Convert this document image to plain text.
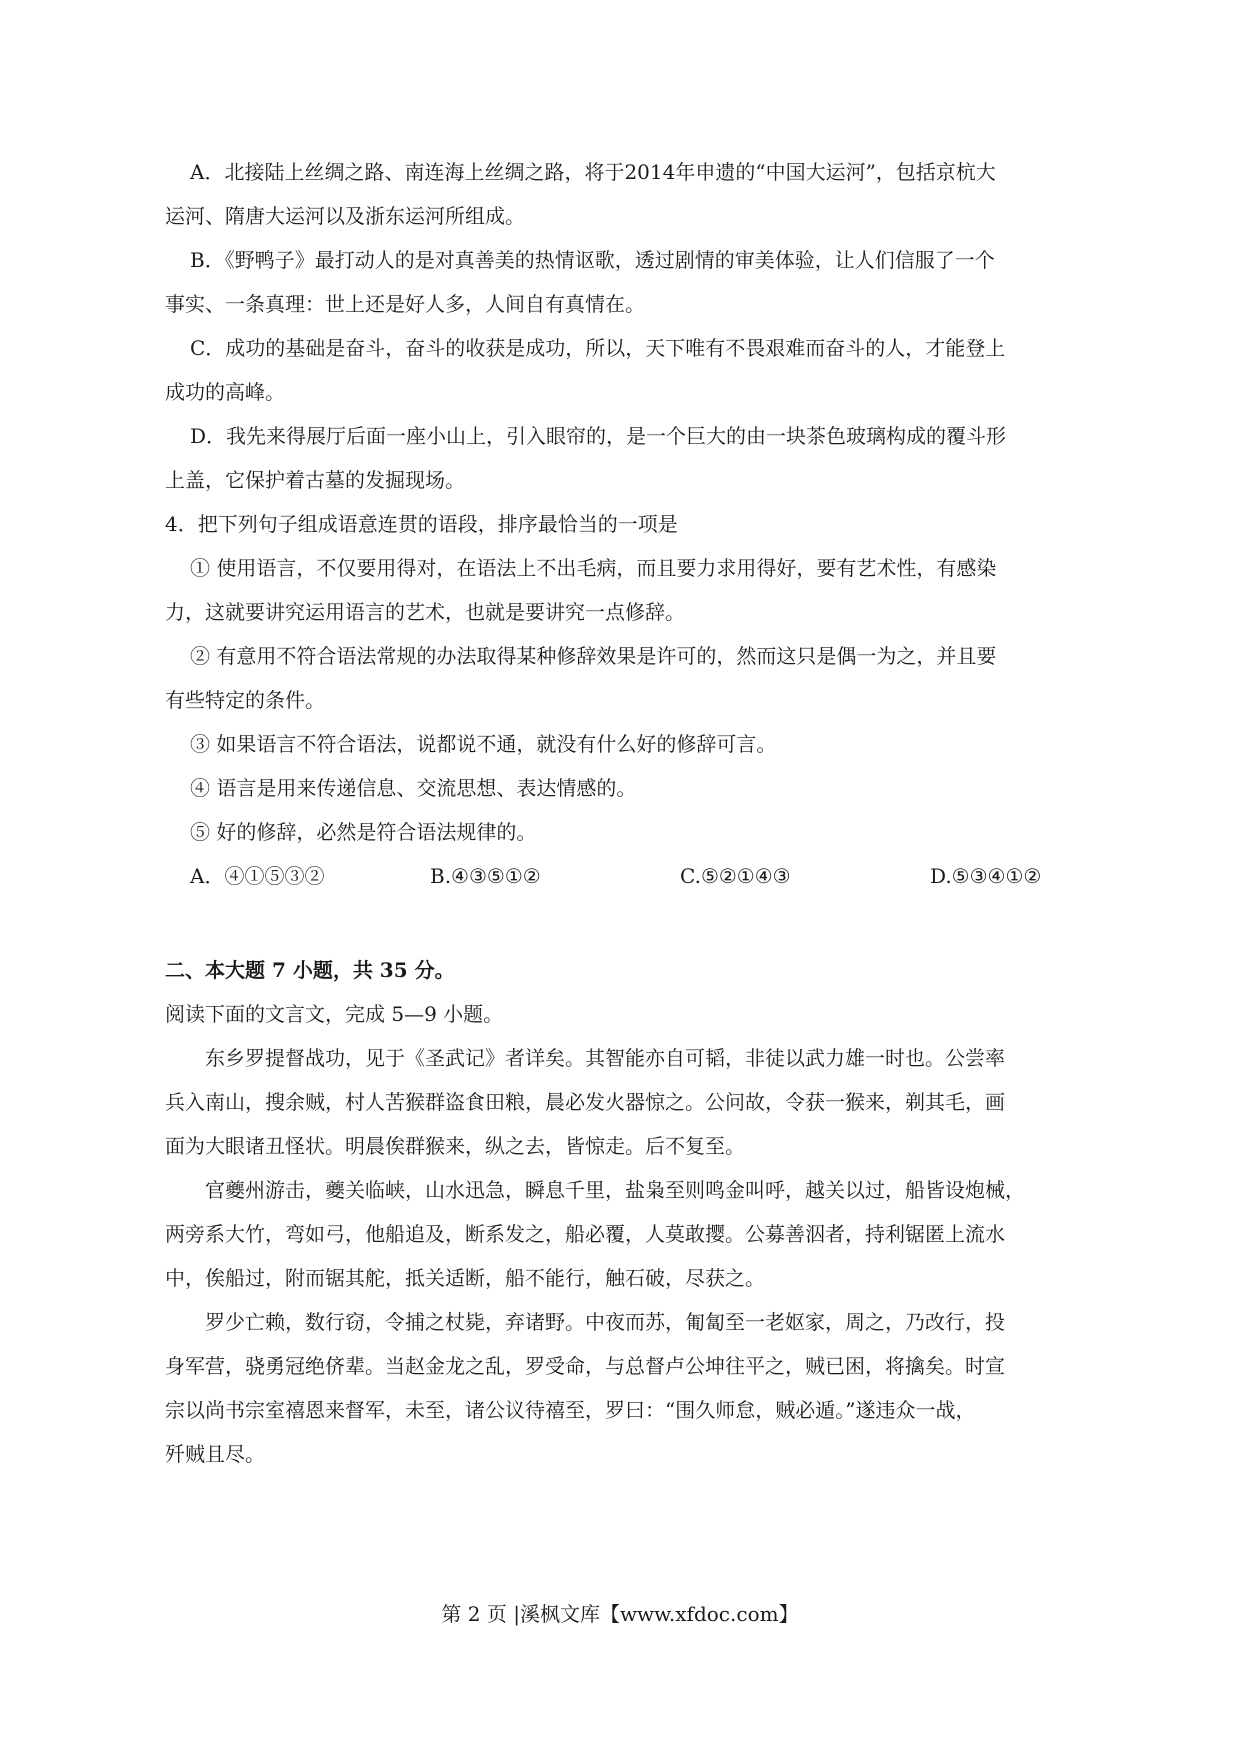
A．北接陆上丝绸之路、南连海上丝绸之路，将于2014年申遗的“中国大运河”，包括京杭大
运河、隋唐大运河以及浙东运河所组成。
B．《野鸭子》最打动人的是对真善美的热情讴歌，透过剧情的审美体验，让人们信服了一个
事实、一条真理：世上还是好人多，人间自有真情在。
C．成功的基础是奋斗，奋斗的收获是成功，所以，天下唯有不畏艰难而奋斗的人，才能登上
成功的高峰。
D．我先来得展厅后面一座小山上，引入眼帘的，是一个巨大的由一块茶色玻璃构成的覆斗形
上盖，它保护着古墓的发掘现场。
4．把下列句子组成语意连贯的语段，排序最恰当的一项是
① 使用语言，不仅要用得对，在语法上不出毛病，而且要力求用得好，要有艺术性，有感染
力，这就要讲究运用语言的艺术，也就是要讲究一点修辞。
② 有意用不符合语法常规的办法取得某种修辞效果是许可的，然而这只是偶一为之，并且要
有些特定的条件。
③ 如果语言不符合语法，说都说不通，就没有什么好的修辞可言。
④ 语言是用来传递信息、交流思想、表达情感的。
⑤ 好的修辞，必然是符合语法规律的。
A．④①⑤③②	B.④③⑤①②	C.⑤②①④③	D.⑤③④①②
二、本大题 7 小题，共 35 分。
阅读下面的文言文，完成 5—9 小题。
东乡罗提督战功，见于《圣武记》者详矣。其智能亦自可韬，非徒以武力雄一时也。公尝率
兵入南山，搜余贼，村人苦猴群盗食田粮，晨必发火器惊之。公问故，令获一猴来，剃其毛，画
面为大眼诸丑怪状。明晨俟群猴来，纵之去，皆惊走。后不复至。
官夔州游击，夔关临峡，山水迅急，瞬息千里，盐枭至则鸣金叫呼，越关以过，船皆设炮械，
两旁系大竹，弯如弓，他船追及，断系发之，船必覆，人莫敢撄。公募善泅者，持利锯匿上流水
中，俟船过，附而锯其舵，抵关适断，船不能行，触石破，尽获之。
罗少亡赖，数行窃，令捕之杖毙，弃诸野。中夜而苏，匍匐至一老妪家，周之，乃改行，投
身军营，骁勇冠绝侪辈。当赵金龙之乱，罗受命，与总督卢公坤往平之，贼已困，将擒矣。时宣
宗以尚书宗室禧恩来督军，未至，诸公议待禧至，罗曰：“围久师怠，贼必遁。”遂违众一战，
歼贼且尽。
第 2 页 |溪枫文库【www.xfdoc.com】
